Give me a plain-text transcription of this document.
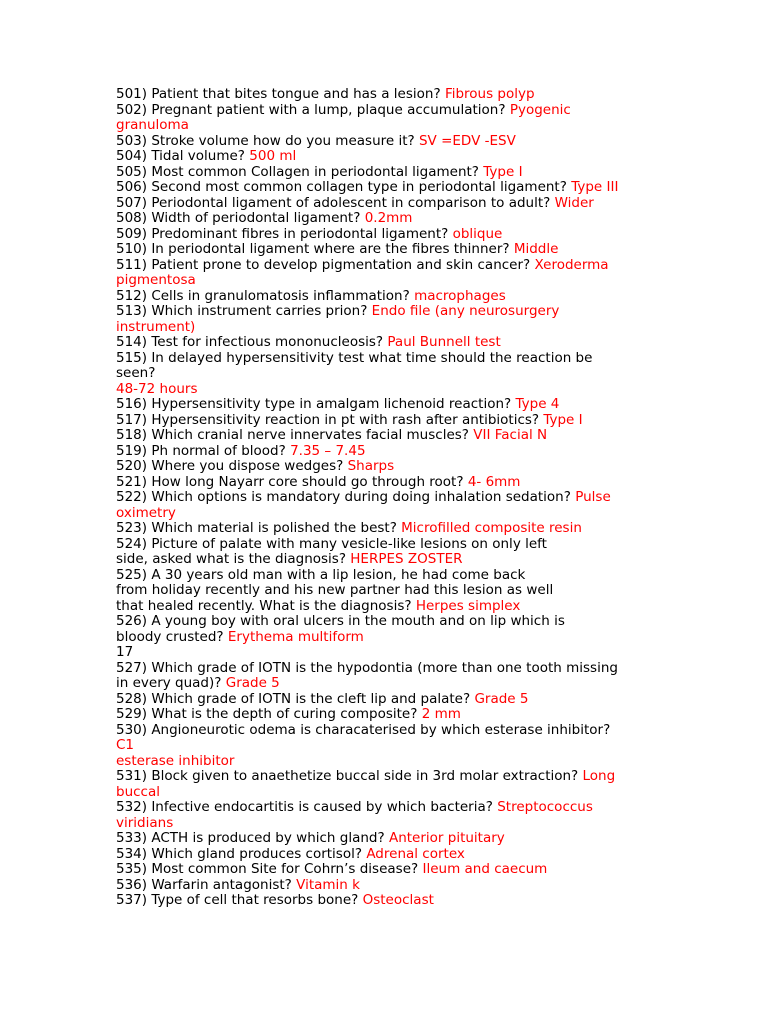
501) Patient that bites tongue and has a lesion? Fibrous polyp
502) Pregnant patient with a lump, plaque accumulation? Pyogenic
granuloma
503) Stroke volume how do you measure it? SV =EDV -ESV
504) Tidal volume? 500 ml
505) Most common Collagen in periodontal ligament? Type I
506) Second most common collagen type in periodontal ligament? Type III
507) Periodontal ligament of adolescent in comparison to adult? Wider
508) Width of periodontal ligament? 0.2mm
509) Predominant fibres in periodontal ligament? oblique
510) In periodontal ligament where are the fibres thinner? Middle
511) Patient prone to develop pigmentation and skin cancer? Xeroderma
pigmentosa
512) Cells in granulomatosis inflammation? macrophages
513) Which instrument carries prion? Endo file (any neurosurgery
instrument)
514) Test for infectious mononucleosis? Paul Bunnell test
515) In delayed hypersensitivity test what time should the reaction be
seen?
48-72 hours
516) Hypersensitivity type in amalgam lichenoid reaction? Type 4
517) Hypersensitivity reaction in pt with rash after antibiotics? Type I
518) Which cranial nerve innervates facial muscles? VII Facial N
519) Ph normal of blood? 7.35 – 7.45
520) Where you dispose wedges? Sharps
521) How long Nayarr core should go through root? 4- 6mm
522) Which options is mandatory during doing inhalation sedation? Pulse
oximetry
523) Which material is polished the best? Microfilled composite resin
524) Picture of palate with many vesicle-like lesions on only left
side, asked what is the diagnosis? HERPES ZOSTER
525) A 30 years old man with a lip lesion, he had come back
from holiday recently and his new partner had this lesion as well
that healed recently. What is the diagnosis? Herpes simplex
526) A young boy with oral ulcers in the mouth and on lip which is
bloody crusted? Erythema multiform
17
527) Which grade of IOTN is the hypodontia (more than one tooth missing
in every quad)? Grade 5
528) Which grade of IOTN is the cleft lip and palate? Grade 5
529) What is the depth of curing composite? 2 mm
530) Angioneurotic odema is characaterised by which esterase inhibitor?
C1
esterase inhibitor
531) Block given to anaethetize buccal side in 3rd molar extraction? Long
buccal
532) Infective endocartitis is caused by which bacteria? Streptococcus
viridians
533) ACTH is produced by which gland? Anterior pituitary
534) Which gland produces cortisol? Adrenal cortex
535) Most common Site for Cohrn’s disease? Ileum and caecum
536) Warfarin antagonist? Vitamin k
537) Type of cell that resorbs bone? Osteoclast
